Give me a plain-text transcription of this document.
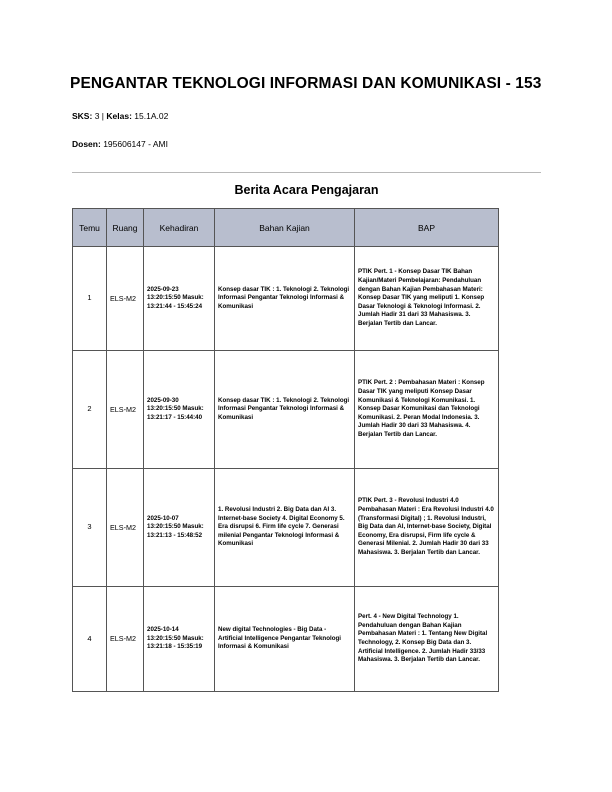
PENGANTAR TEKNOLOGI INFORMASI DAN KOMUNIKASI - 153
SKS: 3 | Kelas: 15.1A.02
Dosen: 195606147 - AMI
Berita Acara Pengajaran
Temu	Ruang	Kehadiran	Bahan Kajian	BAP
1	ELS-M2	2025-09-23 13:20:15:50 Masuk: 13:21:44 - 15:45:24	Konsep dasar TIK : 1. Teknologi 2. Teknologi Informasi Pengantar Teknologi Informasi & Komunikasi	PTIK Pert. 1 - Konsep Dasar TIK Bahan Kajian/Materi Pembelajaran: Pendahuluan dengan Bahan Kajian Pembahasan Materi: Konsep Dasar TIK yang meliputi 1. Konsep Dasar Teknologi & Teknologi Informasi. 2. Jumlah Hadir 31 dari 33 Mahasiswa. 3. Berjalan Tertib dan Lancar.
2	ELS-M2	2025-09-30 13:20:15:50 Masuk: 13:21:17 - 15:44:40	Konsep dasar TIK : 1. Teknologi 2. Teknologi Informasi Pengantar Teknologi Informasi & Komunikasi	PTIK Pert. 2 : Pembahasan Materi : Konsep Dasar TIK yang meliputi Konsep Dasar Komunikasi & Teknologi Komunikasi. 1. Konsep Dasar Komunikasi dan Teknologi Komunikasi. 2. Peran Modal Indonesia. 3. Jumlah Hadir 30 dari 33 Mahasiswa. 4. Berjalan Tertib dan Lancar.
3	ELS-M2	2025-10-07 13:20:15:50 Masuk: 13:21:13 - 15:48:52	1. Revolusi Industri 2. Big Data dan AI 3. Internet-base Society 4. Digital Economy 5. Era disrupsi 6. Firm life cycle 7. Generasi milenial Pengantar Teknologi Informasi & Komunikasi	PTIK Pert. 3 - Revolusi Industri 4.0 Pembahasan Materi : Era Revolusi Industri 4.0 (Transformasi Digital) ; 1. Revolusi Industri, Big Data dan AI, Internet-base Society, Digital Economy, Era disrupsi, Firm life cycle & Generasi Milenial. 2. Jumlah Hadir 30 dari 33 Mahasiswa. 3. Berjalan Tertib dan Lancar.
4	ELS-M2	2025-10-14 13:20:15:50 Masuk: 13:21:18 - 15:35:19	New digital Technologies - Big Data - Artificial Intelligence Pengantar Teknologi Informasi & Komunikasi	Pert. 4 - New Digital Technology 1. Pendahuluan dengan Bahan Kajian Pembahasan Materi : 1. Tentang New Digital Technology, 2. Konsep Big Data dan 3. Artificial Intelligence. 2. Jumlah Hadir 33/33 Mahasiswa. 3. Berjalan Tertib dan Lancar.
